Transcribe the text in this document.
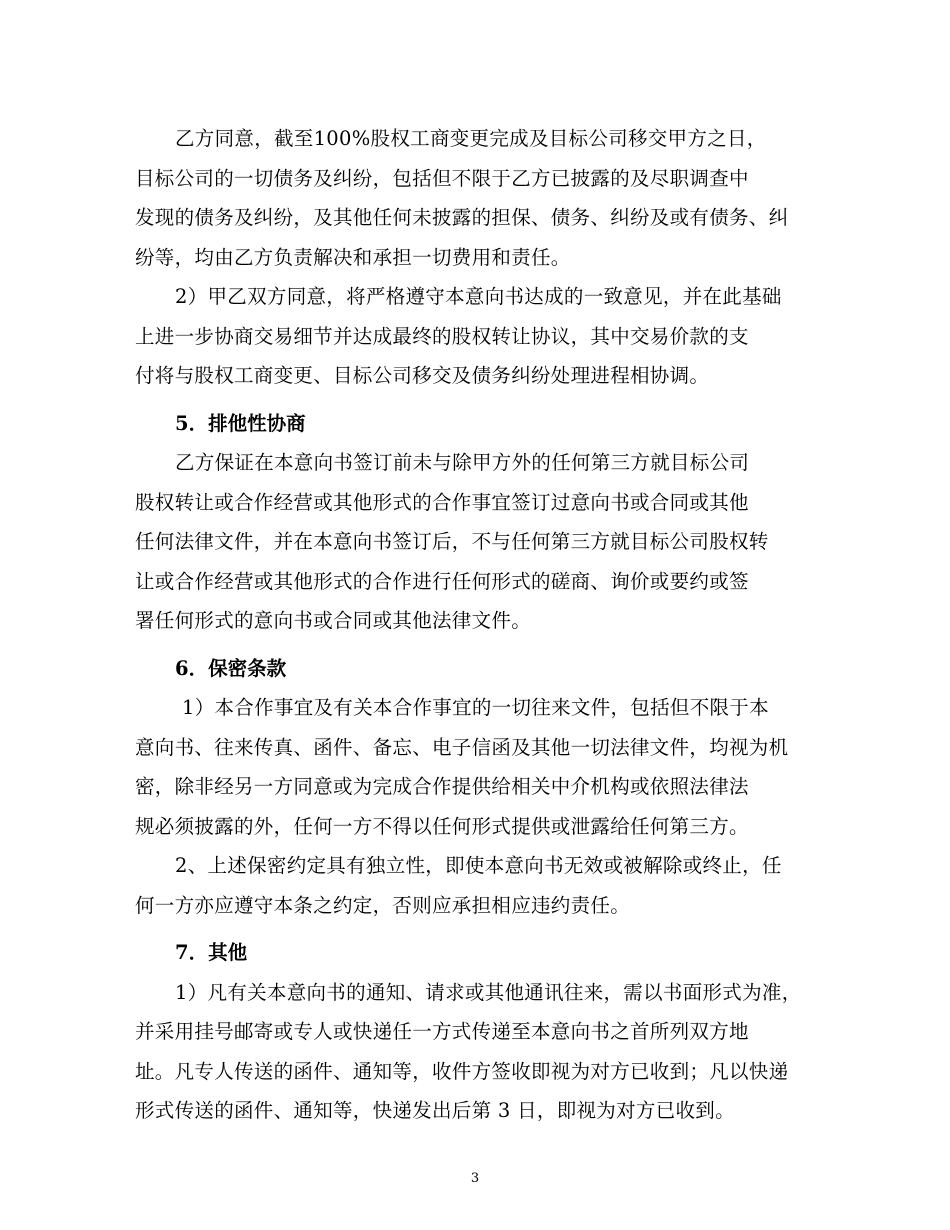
乙方同意，截至100%股权工商变更完成及目标公司移交甲方之日，
目标公司的一切债务及纠纷，包括但不限于乙方已披露的及尽职调查中
发现的债务及纠纷，及其他任何未披露的担保、债务、纠纷及或有债务、纠
纷等，均由乙方负责解决和承担一切费用和责任。

2）甲乙双方同意，将严格遵守本意向书达成的一致意见，并在此基础
上进一步协商交易细节并达成最终的股权转让协议，其中交易价款的支
付将与股权工商变更、目标公司移交及债务纠纷处理进程相协调。

5．排他性协商

乙方保证在本意向书签订前未与除甲方外的任何第三方就目标公司
股权转让或合作经营或其他形式的合作事宜签订过意向书或合同或其他
任何法律文件，并在本意向书签订后，不与任何第三方就目标公司股权转
让或合作经营或其他形式的合作进行任何形式的磋商、询价或要约或签
署任何形式的意向书或合同或其他法律文件。

6．保密条款

1）本合作事宜及有关本合作事宜的一切往来文件，包括但不限于本
意向书、往来传真、函件、备忘、电子信函及其他一切法律文件，均视为机
密，除非经另一方同意或为完成合作提供给相关中介机构或依照法律法
规必须披露的外，任何一方不得以任何形式提供或泄露给任何第三方。

2、上述保密约定具有独立性，即使本意向书无效或被解除或终止，任
何一方亦应遵守本条之约定，否则应承担相应违约责任。

7．其他

1）凡有关本意向书的通知、请求或其他通讯往来，需以书面形式为准，
并采用挂号邮寄或专人或快递任一方式传递至本意向书之首所列双方地
址。凡专人传送的函件、通知等，收件方签收即视为对方已收到；凡以快递
形式传送的函件、通知等，快递发出后第 3 日，即视为对方已收到。

3
